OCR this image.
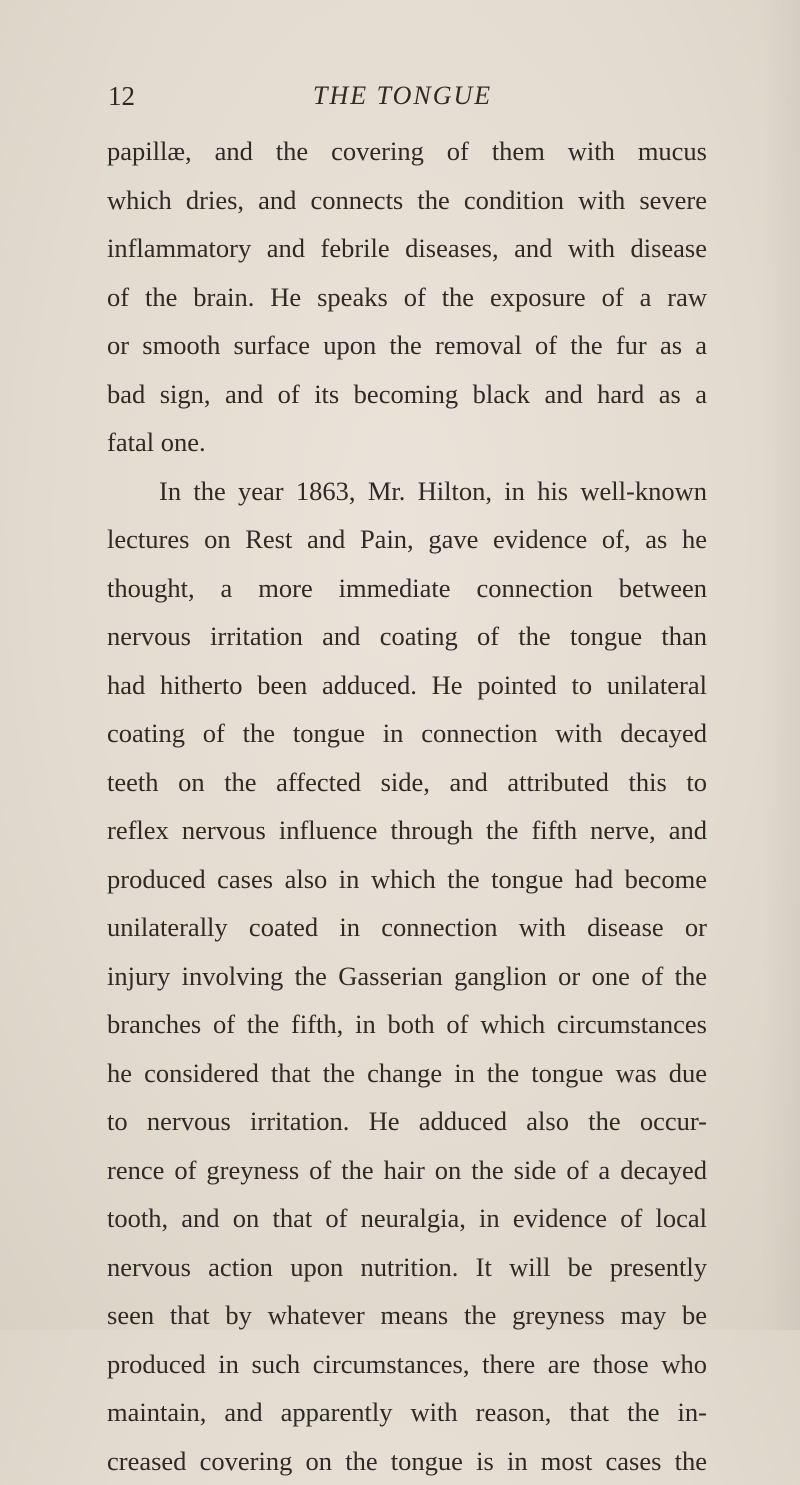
12	THE TONGUE
papillæ, and the covering of them with mucus
which dries, and connects the condition with severe
inflammatory and febrile diseases, and with disease
of the brain. He speaks of the exposure of a raw
or smooth surface upon the removal of the fur as a
bad sign, and of its becoming black and hard as a
fatal one.
In the year 1863, Mr. Hilton, in his well-known
lectures on Rest and Pain, gave evidence of, as he
thought, a more immediate connection between
nervous irritation and coating of the tongue than
had hitherto been adduced. He pointed to unilateral
coating of the tongue in connection with decayed
teeth on the affected side, and attributed this to
reflex nervous influence through the fifth nerve, and
produced cases also in which the tongue had become
unilaterally coated in connection with disease or
injury involving the Gasserian ganglion or one of the
branches of the fifth, in both of which circumstances
he considered that the change in the tongue was due
to nervous irritation. He adduced also the occur-
rence of greyness of the hair on the side of a decayed
tooth, and on that of neuralgia, in evidence of local
nervous action upon nutrition. It will be presently
seen that by whatever means the greyness may be
produced in such circumstances, there are those who
maintain, and apparently with reason, that the in-
creased covering on the tongue is in most cases the
